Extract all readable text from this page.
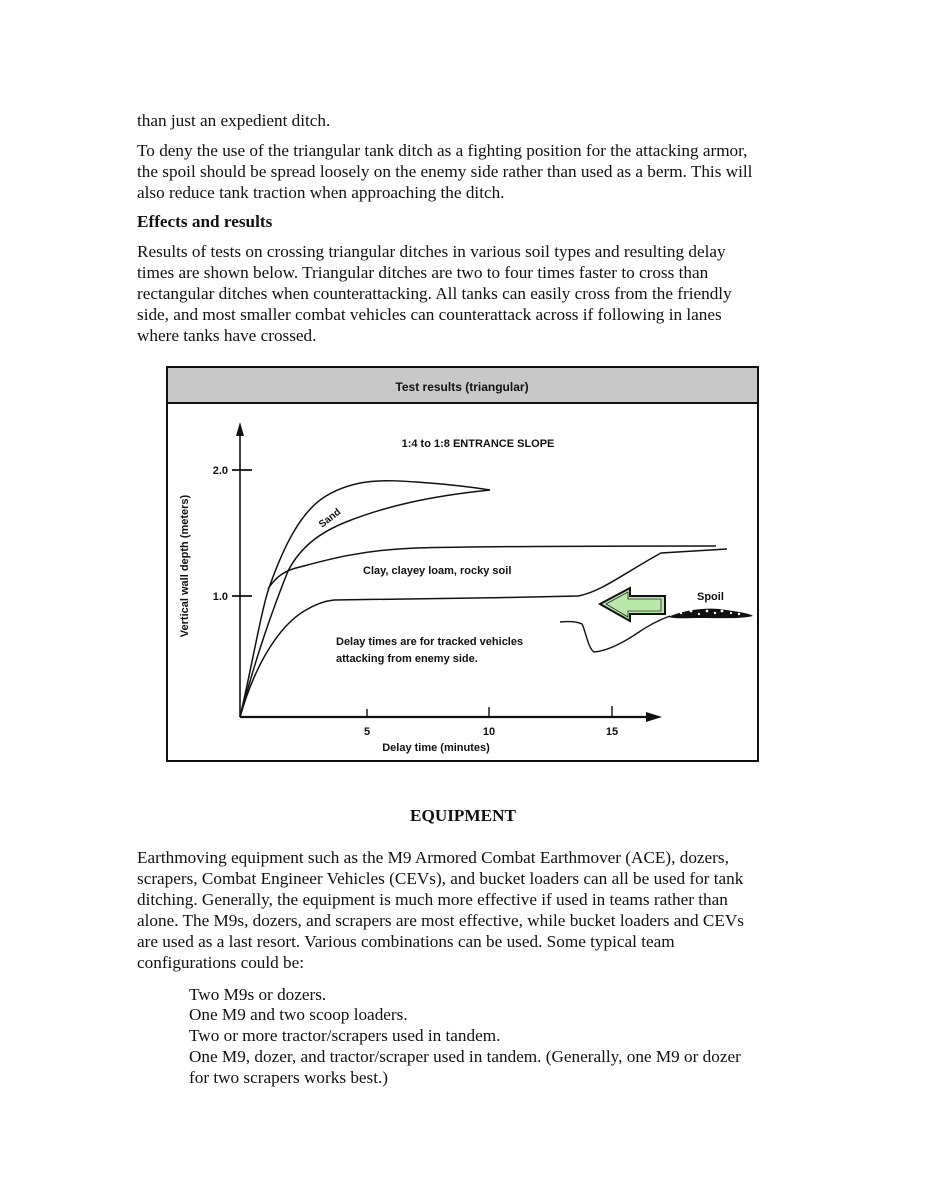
than just an expedient ditch.
To deny the use of the triangular tank ditch as a fighting position for the attacking armor,
the spoil should be spread loosely on the enemy side rather than used as a berm. This will
also reduce tank traction when approaching the ditch.
Effects and results
Results of tests on crossing triangular ditches in various soil types and resulting delay
times are shown below. Triangular ditches are two to four times faster to cross than
rectangular ditches when counterattacking. All tanks can easily cross from the friendly
side, and most smaller combat vehicles can counterattack across if following in lanes
where tanks have crossed.
Test results (triangular)
1:4 to 1:8 ENTRANCE SLOPE
2.0
1.0
Vertical wall depth (meters)
5	10	15
Delay time (minutes)
Sand
Clay, clayey loam, rocky soil
Delay times are for tracked vehicles
attacking from enemy side.
Spoil
EQUIPMENT
Earthmoving equipment such as the M9 Armored Combat Earthmover (ACE), dozers,
scrapers, Combat Engineer Vehicles (CEVs), and bucket loaders can all be used for tank
ditching. Generally, the equipment is much more effective if used in teams rather than
alone. The M9s, dozers, and scrapers are most effective, while bucket loaders and CEVs
are used as a last resort. Various combinations can be used. Some typical team
configurations could be:
Two M9s or dozers.
One M9 and two scoop loaders.
Two or more tractor/scrapers used in tandem.
One M9, dozer, and tractor/scraper used in tandem. (Generally, one M9 or dozer
for two scrapers works best.)
